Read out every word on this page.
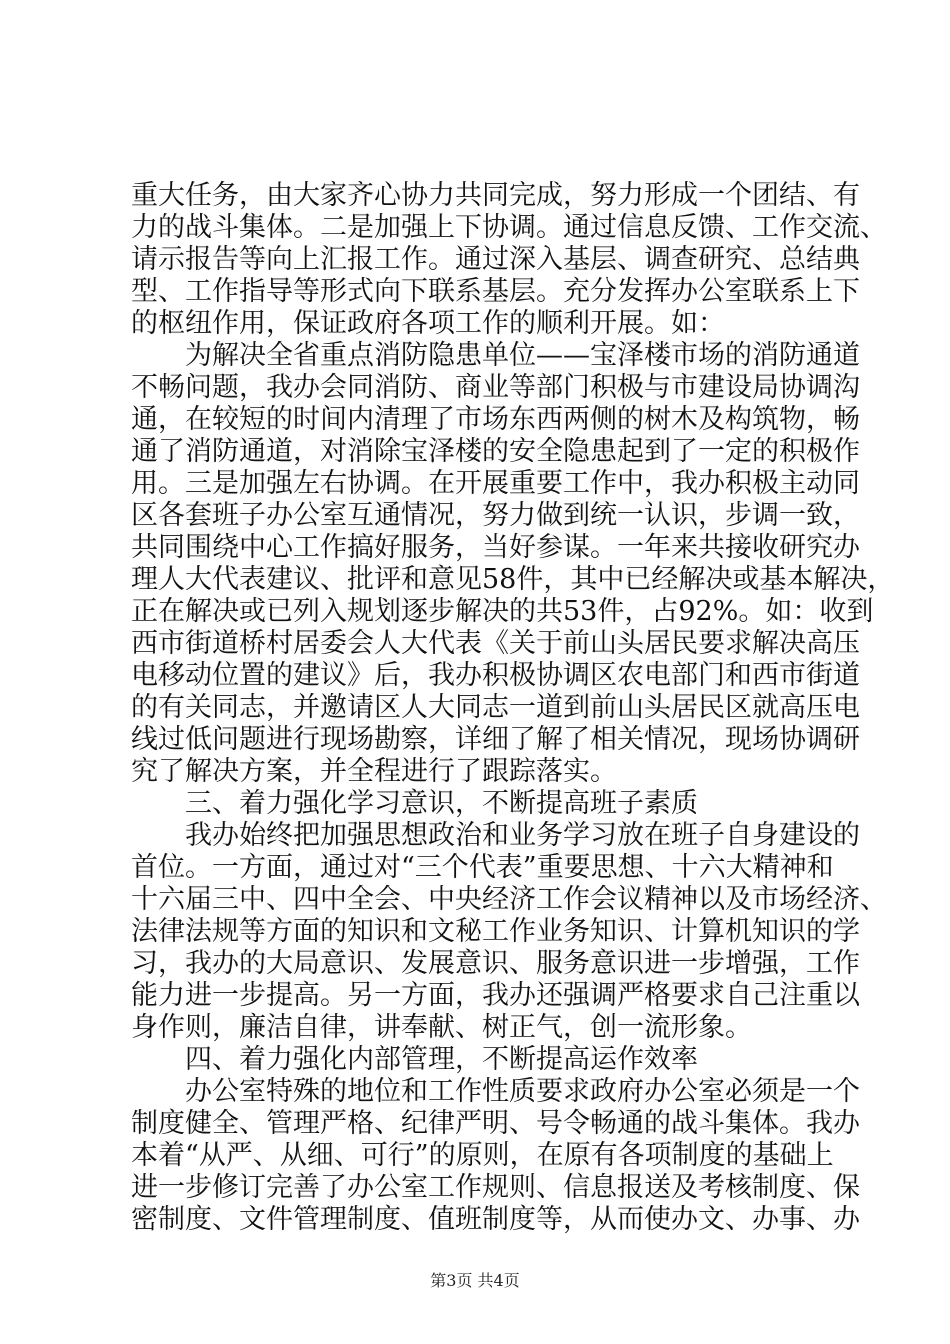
重大任务，由大家齐心协力共同完成，努力形成一个团结、有
力的战斗集体。二是加强上下协调。通过信息反馈、工作交流、
请示报告等向上汇报工作。通过深入基层、调查研究、总结典
型、工作指导等形式向下联系基层。充分发挥办公室联系上下
的枢纽作用，保证政府各项工作的顺利开展。如：
为解决全省重点消防隐患单位——宝泽楼市场的消防通道
不畅问题，我办会同消防、商业等部门积极与市建设局协调沟
通，在较短的时间内清理了市场东西两侧的树木及构筑物，畅
通了消防通道，对消除宝泽楼的安全隐患起到了一定的积极作
用。三是加强左右协调。在开展重要工作中，我办积极主动同
区各套班子办公室互通情况，努力做到统一认识，步调一致，
共同围绕中心工作搞好服务，当好参谋。一年来共接收研究办
理人大代表建议、批评和意见58件，其中已经解决或基本解决，
正在解决或已列入规划逐步解决的共53件，占92%。如：收到
西市街道桥村居委会人大代表《关于前山头居民要求解决高压
电移动位置的建议》后，我办积极协调区农电部门和西市街道
的有关同志，并邀请区人大同志一道到前山头居民区就高压电
线过低问题进行现场勘察，详细了解了相关情况，现场协调研
究了解决方案，并全程进行了跟踪落实。
三、着力强化学习意识，不断提高班子素质
我办始终把加强思想政治和业务学习放在班子自身建设的
首位。一方面，通过对“三个代表”重要思想、十六大精神和
十六届三中、四中全会、中央经济工作会议精神以及市场经济、
法律法规等方面的知识和文秘工作业务知识、计算机知识的学
习，我办的大局意识、发展意识、服务意识进一步增强，工作
能力进一步提高。另一方面，我办还强调严格要求自己注重以
身作则，廉洁自律，讲奉献、树正气，创一流形象。
四、着力强化内部管理，不断提高运作效率
办公室特殊的地位和工作性质要求政府办公室必须是一个
制度健全、管理严格、纪律严明、号令畅通的战斗集体。我办
本着“从严、从细、可行”的原则，在原有各项制度的基础上
进一步修订完善了办公室工作规则、信息报送及考核制度、保
密制度、文件管理制度、值班制度等，从而使办文、办事、办
第3页 共4页
